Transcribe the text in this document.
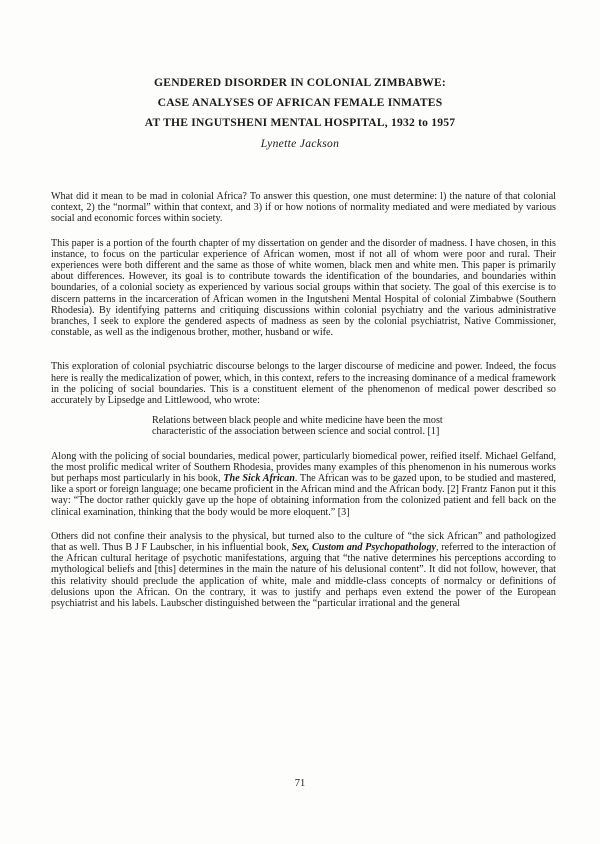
GENDERED DISORDER IN COLONIAL ZIMBABWE:
CASE ANALYSES OF AFRICAN FEMALE INMATES
AT THE INGUTSHENI MENTAL HOSPITAL, 1932 to 1957
Lynette Jackson

What did it mean to be mad in colonial Africa? To answer this question, one must determine: l) the nature of that colonial context, 2) the “normal” within that context, and 3) if or how notions of normality mediated and were mediated by various social and economic forces within society.

This paper is a portion of the fourth chapter of my dissertation on gender and the disorder of madness. I have chosen, in this instance, to focus on the particular experience of African women, most if not all of whom were poor and rural. Their experiences were both different and the same as those of white women, black men and white men. This paper is primarily about differences. However, its goal is to contribute towards the identification of the boundaries, and boundaries within boundaries, of a colonial society as experienced by various social groups within that society. The goal of this exercise is to discern patterns in the incarceration of African women in the Ingutsheni Mental Hospital of colonial Zimbabwe (Southern Rhodesia). By identifying patterns and critiquing discussions within colonial psychiatry and the various administrative branches, I seek to explore the gendered aspects of madness as seen by the colonial psychiatrist, Native Commissioner, constable, as well as the indigenous brother, mother, husband or wife.

This exploration of colonial psychiatric discourse belongs to the larger discourse of medicine and power. Indeed, the focus here is really the medicalization of power, which, in this context, refers to the increasing dominance of a medical framework in the policing of social boundaries. This is a constituent element of the phenomenon of medical power described so accurately by Lipsedge and Littlewood, who wrote:

Relations between black people and white medicine have been the most characteristic of the association between science and social control. [1]

Along with the policing of social boundaries, medical power, particularly biomedical power, reified itself. Michael Gelfand, the most prolific medical writer of Southern Rhodesia, provides many examples of this phenomenon in his numerous works but perhaps most particularly in his book, The Sick African. The African was to be gazed upon, to be studied and mastered, like a sport or foreign language; one became proficient in the African mind and the African body. [2] Frantz Fanon put it this way: “The doctor rather quickly gave up the hope of obtaining information from the colonized patient and fell back on the clinical examination, thinking that the body would be more eloquent.” [3]

Others did not confine their analysis to the physical, but turned also to the culture of “the sick African” and pathologized that as well. Thus B J F Laubscher, in his influential book, Sex, Custom and Psychopathology, referred to the interaction of the African cultural heritage of psychotic manifestations, arguing that “the native determines his perceptions according to mythological beliefs and [this] determines in the main the nature of his delusional content”. It did not follow, however, that this relativity should preclude the application of white, male and middle-class concepts of normalcy or definitions of delusions upon the African. On the contrary, it was to justify and perhaps even extend the power of the European psychiatrist and his labels. Laubscher distinguished between the “particular irrational and the general

71
